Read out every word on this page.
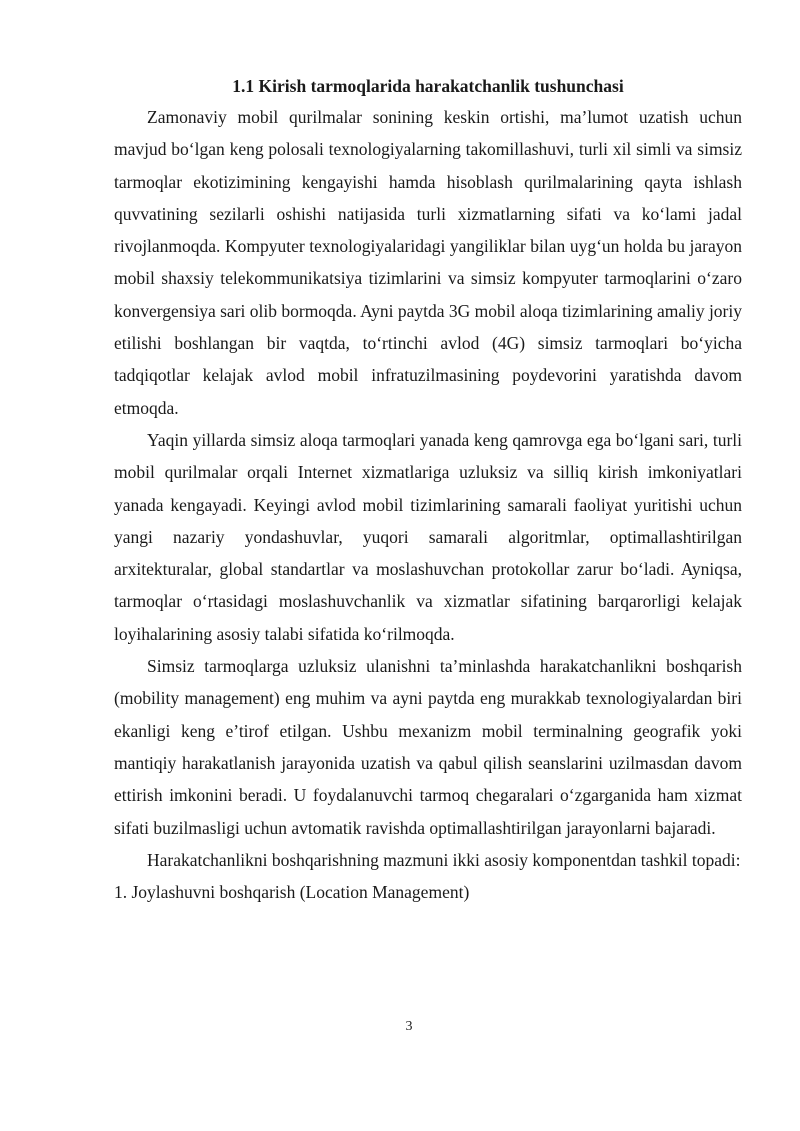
1.1 Kirish tarmoqlarida harakatchanlik tushunchasi

Zamonaviy mobil qurilmalar sonining keskin ortishi, ma’lumot uzatish uchun mavjud bo‘lgan keng polosali texnologiyalarning takomillashuvi, turli xil simli va simsiz tarmoqlar ekotizimining kengayishi hamda hisoblash qurilmalarining qayta ishlash quvvatining sezilarli oshishi natijasida turli xizmatlarning sifati va ko‘lami jadal rivojlanmoqda. Kompyuter texnologiyalaridagi yangiliklar bilan uyg‘un holda bu jarayon mobil shaxsiy telekommunikatsiya tizimlarini va simsiz kompyuter tarmoqlarini o‘zaro konvergensiya sari olib bormoqda. Ayni paytda 3G mobil aloqa tizimlarining amaliy joriy etilishi boshlangan bir vaqtda, to‘rtinchi avlod (4G) simsiz tarmoqlari bo‘yicha tadqiqotlar kelajak avlod mobil infratuzilmasining poydevorini yaratishda davom etmoqda.

Yaqin yillarda simsiz aloqa tarmoqlari yanada keng qamrovga ega bo‘lgani sari, turli mobil qurilmalar orqali Internet xizmatlariga uzluksiz va silliq kirish imkoniyatlari yanada kengayadi. Keyingi avlod mobil tizimlarining samarali faoliyat yuritishi uchun yangi nazariy yondashuvlar, yuqori samarali algoritmlar, optimallashtirilgan arxitekturalar, global standartlar va moslashuvchan protokollar zarur bo‘ladi. Ayniqsa, tarmoqlar o‘rtasidagi moslashuvchanlik va xizmatlar sifatining barqarorligi kelajak loyihalarining asosiy talabi sifatida ko‘rilmoqda.

Simsiz tarmoqlarga uzluksiz ulanishni ta’minlashda harakatchanlikni boshqarish (mobility management) eng muhim va ayni paytda eng murakkab texnologiyalardan biri ekanligi keng e’tirof etilgan. Ushbu mexanizm mobil terminalning geografik yoki mantiqiy harakatlanish jarayonida uzatish va qabul qilish seanslarini uzilmasdan davom ettirish imkonini beradi. U foydalanuvchi tarmoq chegaralari o‘zgarganida ham xizmat sifati buzilmasligi uchun avtomatik ravishda optimallashtirilgan jarayonlarni bajaradi.

Harakatchanlikni boshqarishning mazmuni ikki asosiy komponentdan tashkil topadi:

1. Joylashuvni boshqarish (Location Management)

3
